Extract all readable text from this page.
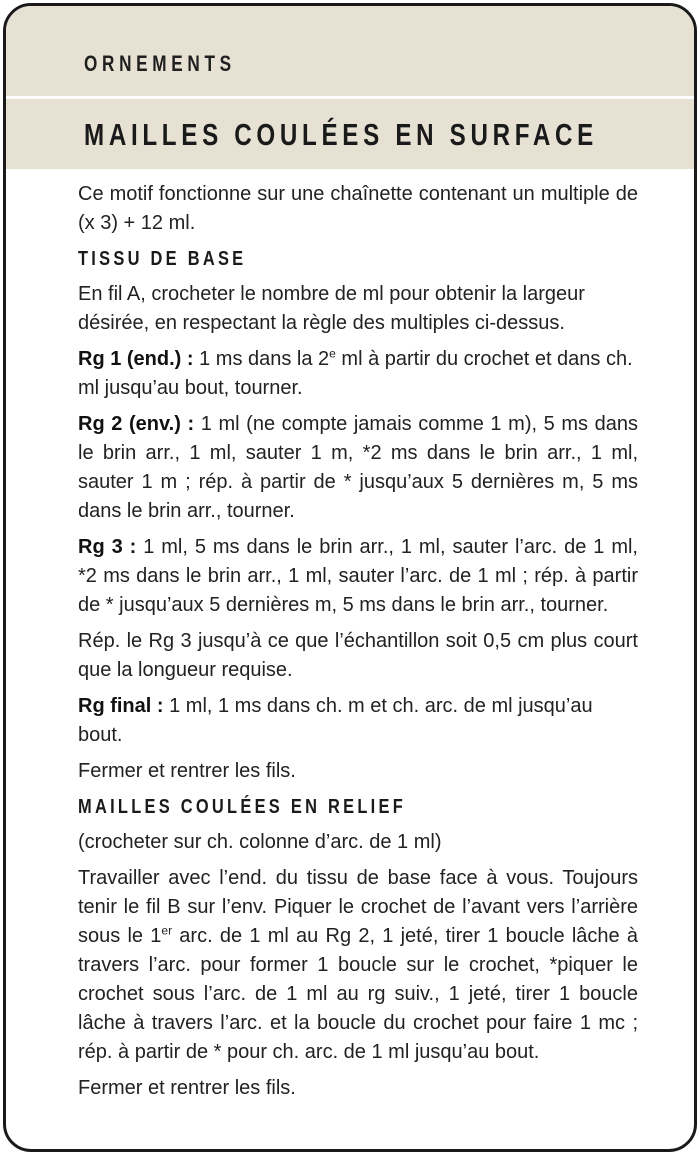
ORNEMENTS
MAILLES COULÉES EN SURFACE

Ce motif fonctionne sur une chaînette contenant un multiple de (x 3) + 12 ml.

TISSU DE BASE

En fil A, crocheter le nombre de ml pour obtenir la largeur désirée, en respectant la règle des multiples ci-dessus.

Rg 1 (end.) : 1 ms dans la 2e ml à partir du crochet et dans ch. ml jusqu’au bout, tourner.

Rg 2 (env.) : 1 ml (ne compte jamais comme 1 m), 5 ms dans le brin arr., 1 ml, sauter 1 m, *2 ms dans le brin arr., 1 ml, sauter 1 m ; rép. à partir de * jusqu’aux 5 dernières m, 5 ms dans le brin arr., tourner.

Rg 3 : 1 ml, 5 ms dans le brin arr., 1 ml, sauter l’arc. de 1 ml, *2 ms dans le brin arr., 1 ml, sauter l’arc. de 1 ml ; rép. à partir de * jusqu’aux 5 dernières m, 5 ms dans le brin arr., tourner.

Rép. le Rg 3 jusqu’à ce que l’échantillon soit 0,5 cm plus court que la longueur requise.

Rg final : 1 ml, 1 ms dans ch. m et ch. arc. de ml jusqu’au bout.

Fermer et rentrer les fils.

MAILLES COULÉES EN RELIEF

(crocheter sur ch. colonne d’arc. de 1 ml)

Travailler avec l’end. du tissu de base face à vous. Toujours tenir le fil B sur l’env. Piquer le crochet de l’avant vers l’arrière sous le 1er arc. de 1 ml au Rg 2, 1 jeté, tirer 1 boucle lâche à travers l’arc. pour former 1 boucle sur le crochet, *piquer le crochet sous l’arc. de 1 ml au rg suiv., 1 jeté, tirer 1 boucle lâche à travers l’arc. et la boucle du crochet pour faire 1 mc ; rép. à partir de * pour ch. arc. de 1 ml jusqu’au bout.

Fermer et rentrer les fils.
